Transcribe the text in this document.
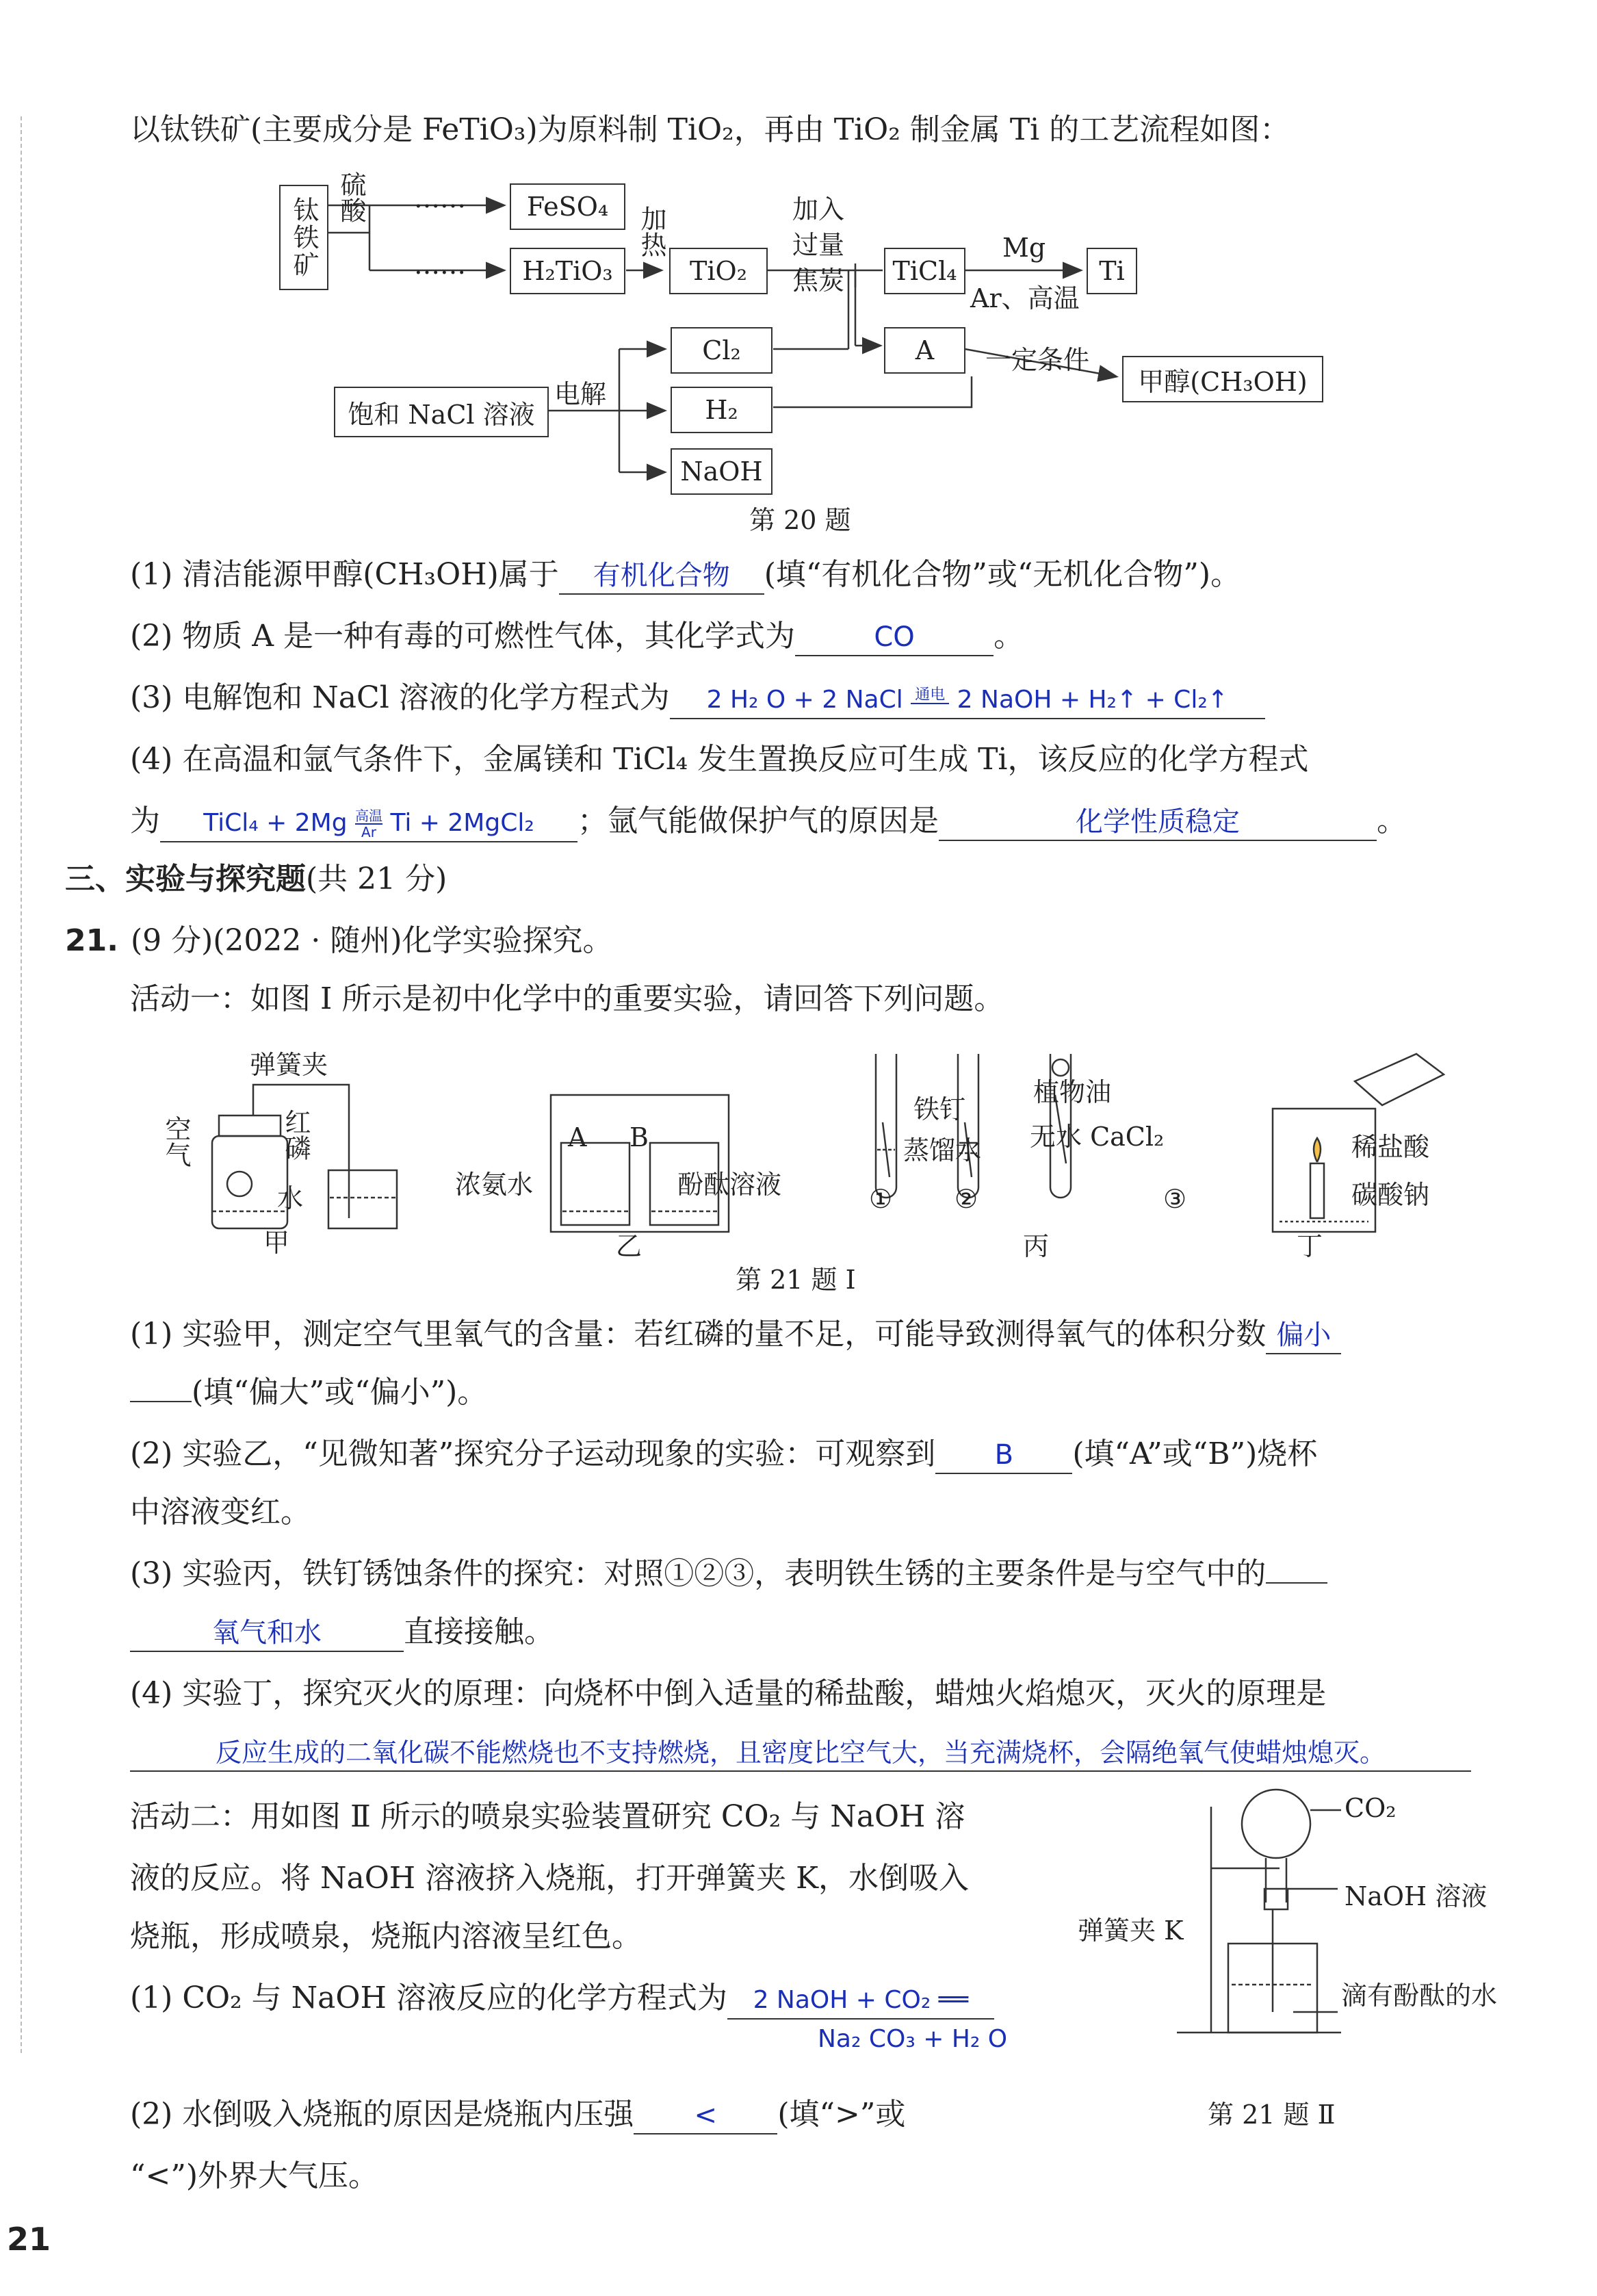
以钛铁矿(主要成分是 FeTiO₃)为原料制 TiO₂，再由 TiO₂ 制金属 Ti 的工艺流程如图：
钛铁矿 硫酸 ……
……
FeSO₄
H₂TiO₃
加热
TiO₂
加入过量焦炭	TiCl₄
Mg
Ar、高温
Ti
A	一定条件
甲醇(CH₃OH)
饱和 NaCl 溶液
电解
Cl₂
H₂
NaOH
第 20 题
(1) 清洁能源甲醇(CH₃OH)属于 有机化合物 (填“有机化合物”或“无机化合物”)。
(2) 物质 A 是一种有毒的可燃性气体，其化学式为	CO	。
(3) 电解饱和 NaCl 溶液的化学方程式为 2 H₂ O + 2 NaCl 通电 2 NaOH + H₂↑ + Cl₂↑
(4) 在高温和氩气条件下，金属镁和 TiCl₄ 发生置换反应可生成 Ti，该反应的化学方程式
为 TiCl₄ + 2Mg 高温
Ar Ti + 2MgCl₂ ；氩气能做保护气的原因是	化学性质稳定	。
三、实验与探究题(共 21 分)
21. (9 分)(2022 · 随州)化学实验探究。
活动一：如图 Ⅰ 所示是初中化学中的重要实验，请回答下列问题。
弹簧夹
空气	红磷
水
甲
A B
浓氨水	酚酞溶液
乙
铁钉
蒸馏水
植物油
无水 CaCl₂
① ②	③
丙
稀盐酸
碳酸钠
丁
第 21 题 Ⅰ
(1) 实验甲，测定空气里氧气的含量：若红磷的量不足，可能导致测得氧气的体积分数 偏小
(填“偏大”或“偏小”)。
(2) 实验乙，“见微知著”探究分子运动现象的实验：可观察到 B (填“A”或“B”)烧杯
中溶液变红。
(3) 实验丙，铁钉锈蚀条件的探究：对照①②③，表明铁生锈的主要条件是与空气中的
氧气和水	直接接触。
(4) 实验丁，探究灭火的原理：向烧杯中倒入适量的稀盐酸，蜡烛火焰熄灭，灭火的原理是
反应生成的二氧化碳不能燃烧也不支持燃烧，且密度比空气大，当充满烧杯，会隔绝氧气使蜡烛熄灭。
活动二：用如图 Ⅱ 所示的喷泉实验装置研究 CO₂ 与 NaOH 溶
液的反应。将 NaOH 溶液挤入烧瓶，打开弹簧夹 K，水倒吸入
烧瓶，形成喷泉，烧瓶内溶液呈红色。
(1) CO₂ 与 NaOH 溶液反应的化学方程式为 2 NaOH + CO₂ ══
Na₂ CO₃ + H₂ O
(2) 水倒吸入烧瓶的原因是烧瓶内压强 < (填“>”或
“<”)外界大气压。
CO₂
NaOH 溶液
弹簧夹 K
滴有酚酞的水
第 21 题 Ⅱ
21
